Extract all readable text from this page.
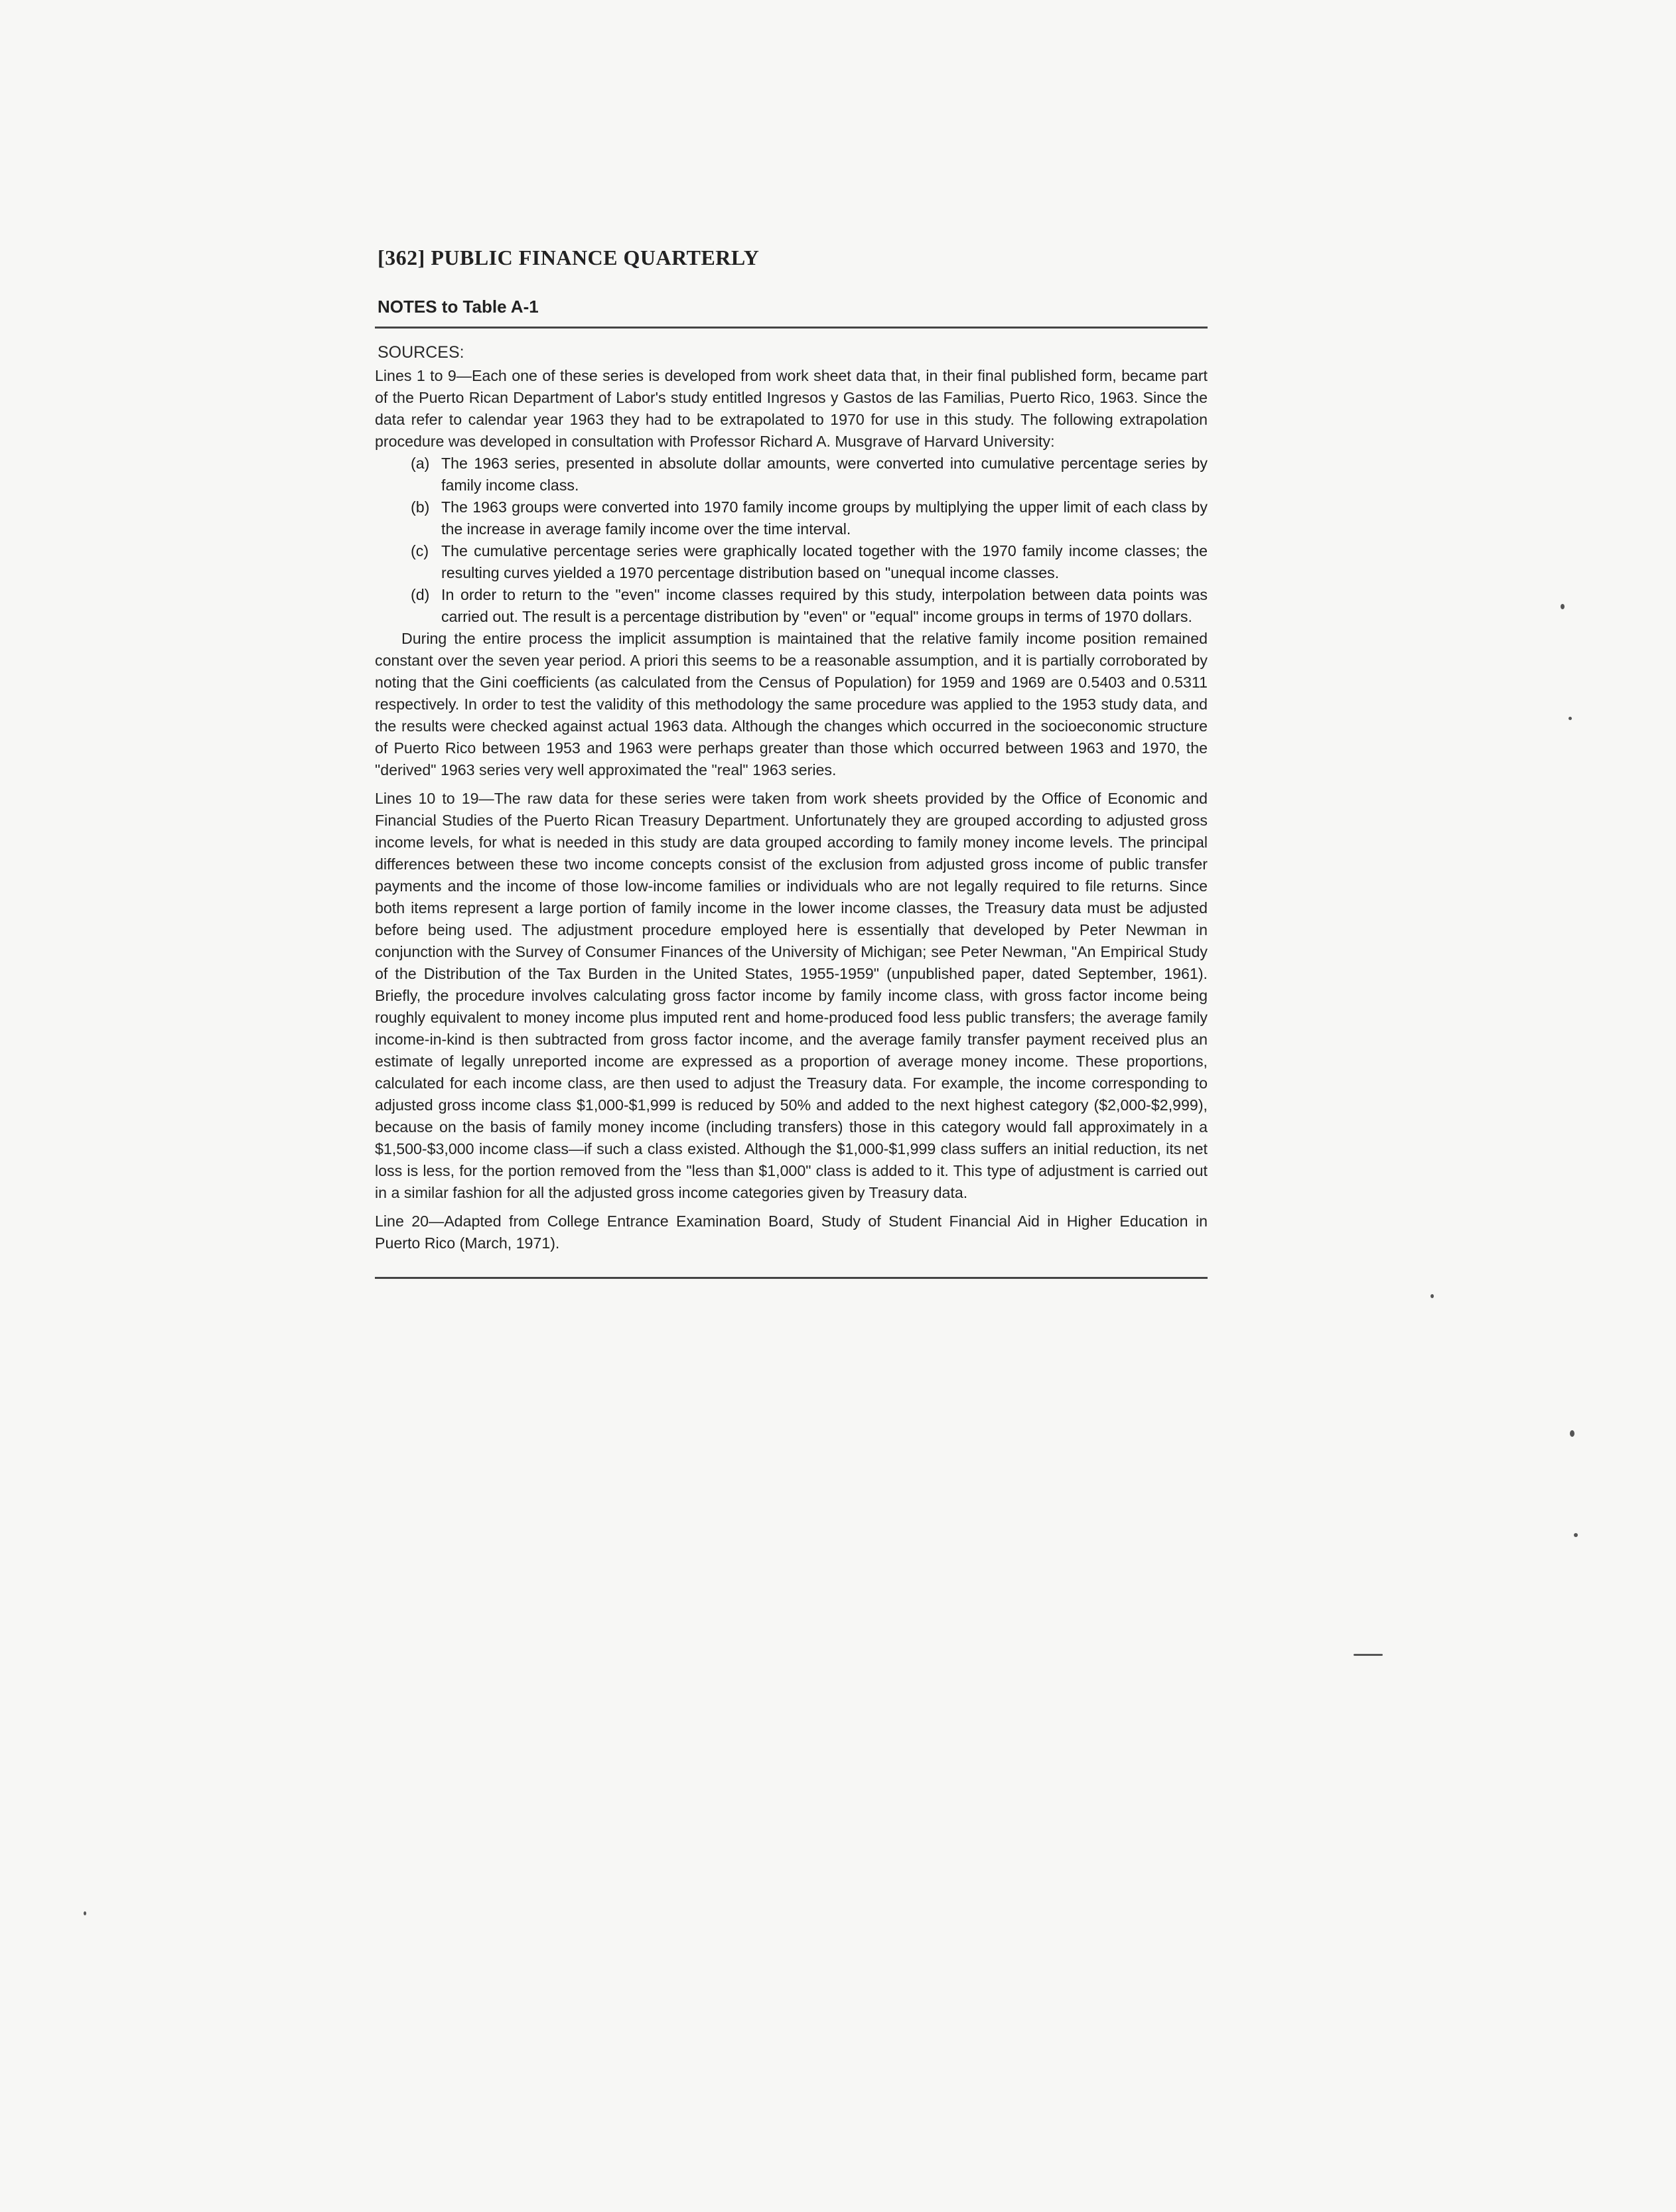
[362] PUBLIC FINANCE QUARTERLY
NOTES to Table A-1
SOURCES:

Lines 1 to 9—Each one of these series is developed from work sheet data that, in their final published form, became part of the Puerto Rican Department of Labor's study entitled Ingresos y Gastos de las Familias, Puerto Rico, 1963. Since the data refer to calendar year 1963 they had to be extrapolated to 1970 for use in this study. The following extrapolation procedure was developed in consultation with Professor Richard A. Musgrave of Harvard University:

(a) The 1963 series, presented in absolute dollar amounts, were converted into cumulative percentage series by family income class.
(b) The 1963 groups were converted into 1970 family income groups by multiplying the upper limit of each class by the increase in average family income over the time interval.
(c) The cumulative percentage series were graphically located together with the 1970 family income classes; the resulting curves yielded a 1970 percentage distribution based on "unequal income classes.
(d) In order to return to the "even" income classes required by this study, interpolation between data points was carried out. The result is a percentage distribution by "even" or "equal" income groups in terms of 1970 dollars.

During the entire process the implicit assumption is maintained that the relative family income position remained constant over the seven year period. A priori this seems to be a reasonable assumption, and it is partially corroborated by noting that the Gini coefficients (as calculated from the Census of Population) for 1959 and 1969 are 0.5403 and 0.5311 respectively. In order to test the validity of this methodology the same procedure was applied to the 1953 study data, and the results were checked against actual 1963 data. Although the changes which occurred in the socioeconomic structure of Puerto Rico between 1953 and 1963 were perhaps greater than those which occurred between 1963 and 1970, the "derived" 1963 series very well approximated the "real" 1963 series.

Lines 10 to 19—The raw data for these series were taken from work sheets provided by the Office of Economic and Financial Studies of the Puerto Rican Treasury Department. Unfortunately they are grouped according to adjusted gross income levels, for what is needed in this study are data grouped according to family money income levels. The principal differences between these two income concepts consist of the exclusion from adjusted gross income of public transfer payments and the income of those low-income families or individuals who are not legally required to file returns. Since both items represent a large portion of family income in the lower income classes, the Treasury data must be adjusted before being used. The adjustment procedure employed here is essentially that developed by Peter Newman in conjunction with the Survey of Consumer Finances of the University of Michigan; see Peter Newman, "An Empirical Study of the Distribution of the Tax Burden in the United States, 1955-1959" (unpublished paper, dated September, 1961). Briefly, the procedure involves calculating gross factor income by family income class, with gross factor income being roughly equivalent to money income plus imputed rent and home-produced food less public transfers; the average family income-in-kind is then subtracted from gross factor income, and the average family transfer payment received plus an estimate of legally unreported income are expressed as a proportion of average money income. These proportions, calculated for each income class, are then used to adjust the Treasury data. For example, the income corresponding to adjusted gross income class $1,000-$1,999 is reduced by 50% and added to the next highest category ($2,000-$2,999), because on the basis of family money income (including transfers) those in this category would fall approximately in a $1,500-$3,000 income class—if such a class existed. Although the $1,000-$1,999 class suffers an initial reduction, its net loss is less, for the portion removed from the "less than $1,000" class is added to it. This type of adjustment is carried out in a similar fashion for all the adjusted gross income categories given by Treasury data.

Line 20—Adapted from College Entrance Examination Board, Study of Student Financial Aid in Higher Education in Puerto Rico (March, 1971).
